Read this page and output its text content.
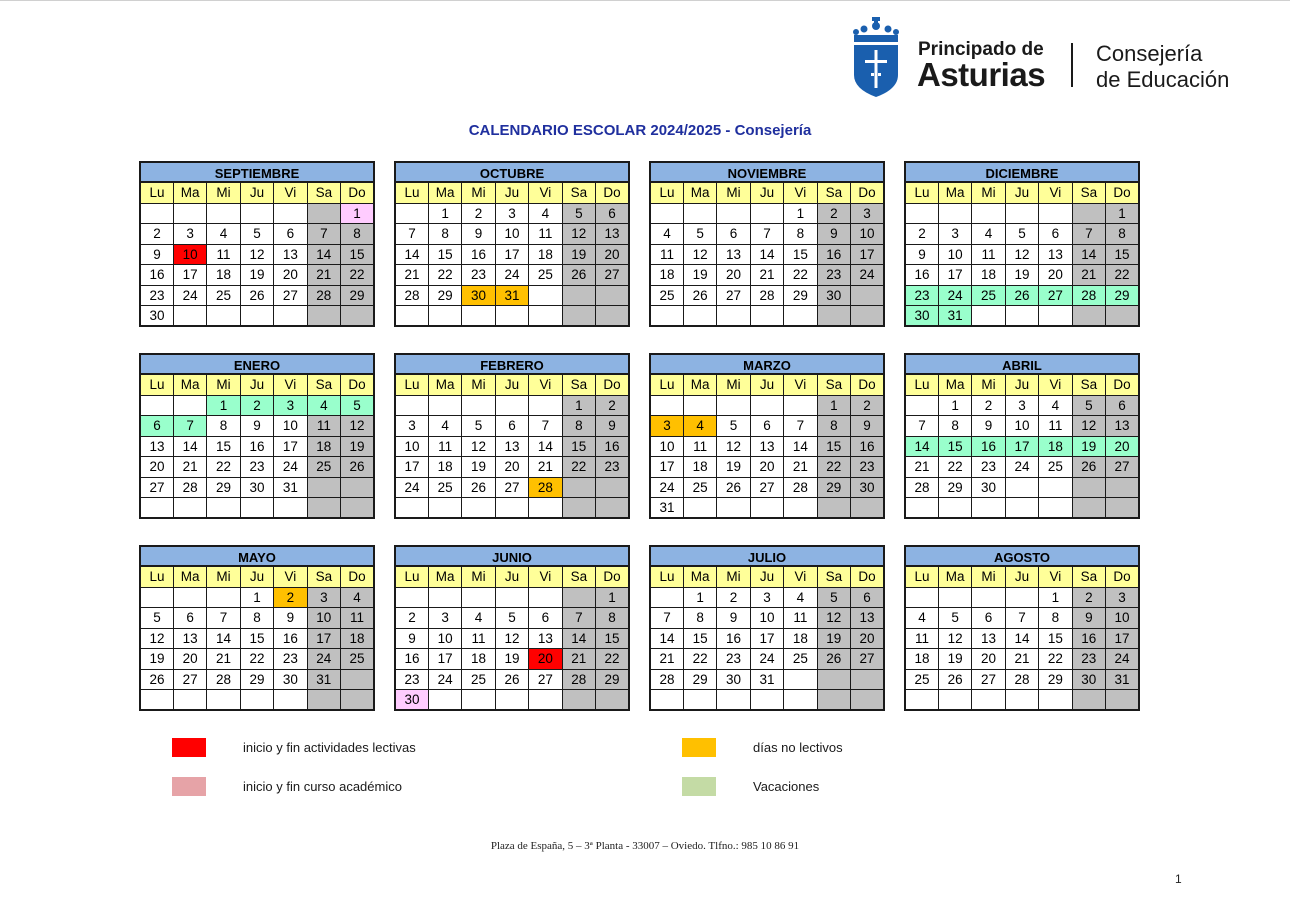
Principado de
Asturias
Consejería
de Educación
CALENDARIO ESCOLAR 2024/2025 - Consejería
SEPTIEMBRE
Lu	Ma	Mi	Ju	Vi	Sa	Do
						1
2	3	4	5	6	7	8
9	10	11	12	13	14	15
16	17	18	19	20	21	22
23	24	25	26	27	28	29
30						
OCTUBRE
Lu	Ma	Mi	Ju	Vi	Sa	Do
	1	2	3	4	5	6
7	8	9	10	11	12	13
14	15	16	17	18	19	20
21	22	23	24	25	26	27
28	29	30	31			

NOVIEMBRE
Lu	Ma	Mi	Ju	Vi	Sa	Do
				1	2	3
4	5	6	7	8	9	10
11	12	13	14	15	16	17
18	19	20	21	22	23	24
25	26	27	28	29	30	

DICIEMBRE
Lu	Ma	Mi	Ju	Vi	Sa	Do
						1
2	3	4	5	6	7	8
9	10	11	12	13	14	15
16	17	18	19	20	21	22
23	24	25	26	27	28	29
30	31					
ENERO
Lu	Ma	Mi	Ju	Vi	Sa	Do
		1	2	3	4	5
6	7	8	9	10	11	12
13	14	15	16	17	18	19
20	21	22	23	24	25	26
27	28	29	30	31		

FEBRERO
Lu	Ma	Mi	Ju	Vi	Sa	Do
					1	2
3	4	5	6	7	8	9
10	11	12	13	14	15	16
17	18	19	20	21	22	23
24	25	26	27	28		

MARZO
Lu	Ma	Mi	Ju	Vi	Sa	Do
					1	2
3	4	5	6	7	8	9
10	11	12	13	14	15	16
17	18	19	20	21	22	23
24	25	26	27	28	29	30
31						
ABRIL
Lu	Ma	Mi	Ju	Vi	Sa	Do
	1	2	3	4	5	6
7	8	9	10	11	12	13
14	15	16	17	18	19	20
21	22	23	24	25	26	27
28	29	30				

MAYO
Lu	Ma	Mi	Ju	Vi	Sa	Do
			1	2	3	4
5	6	7	8	9	10	11
12	13	14	15	16	17	18
19	20	21	22	23	24	25
26	27	28	29	30	31	

JUNIO
Lu	Ma	Mi	Ju	Vi	Sa	Do
						1
2	3	4	5	6	7	8
9	10	11	12	13	14	15
16	17	18	19	20	21	22
23	24	25	26	27	28	29
30						
JULIO
Lu	Ma	Mi	Ju	Vi	Sa	Do
	1	2	3	4	5	6
7	8	9	10	11	12	13
14	15	16	17	18	19	20
21	22	23	24	25	26	27
28	29	30	31			

AGOSTO
Lu	Ma	Mi	Ju	Vi	Sa	Do
				1	2	3
4	5	6	7	8	9	10
11	12	13	14	15	16	17
18	19	20	21	22	23	24
25	26	27	28	29	30	31

inicio y fin actividades lectivas
inicio y fin curso académico
días no lectivos
Vacaciones
Plaza de España, 5 – 3ª Planta - 33007 – Oviedo. Tlfno.: 985 10 86 91
1
